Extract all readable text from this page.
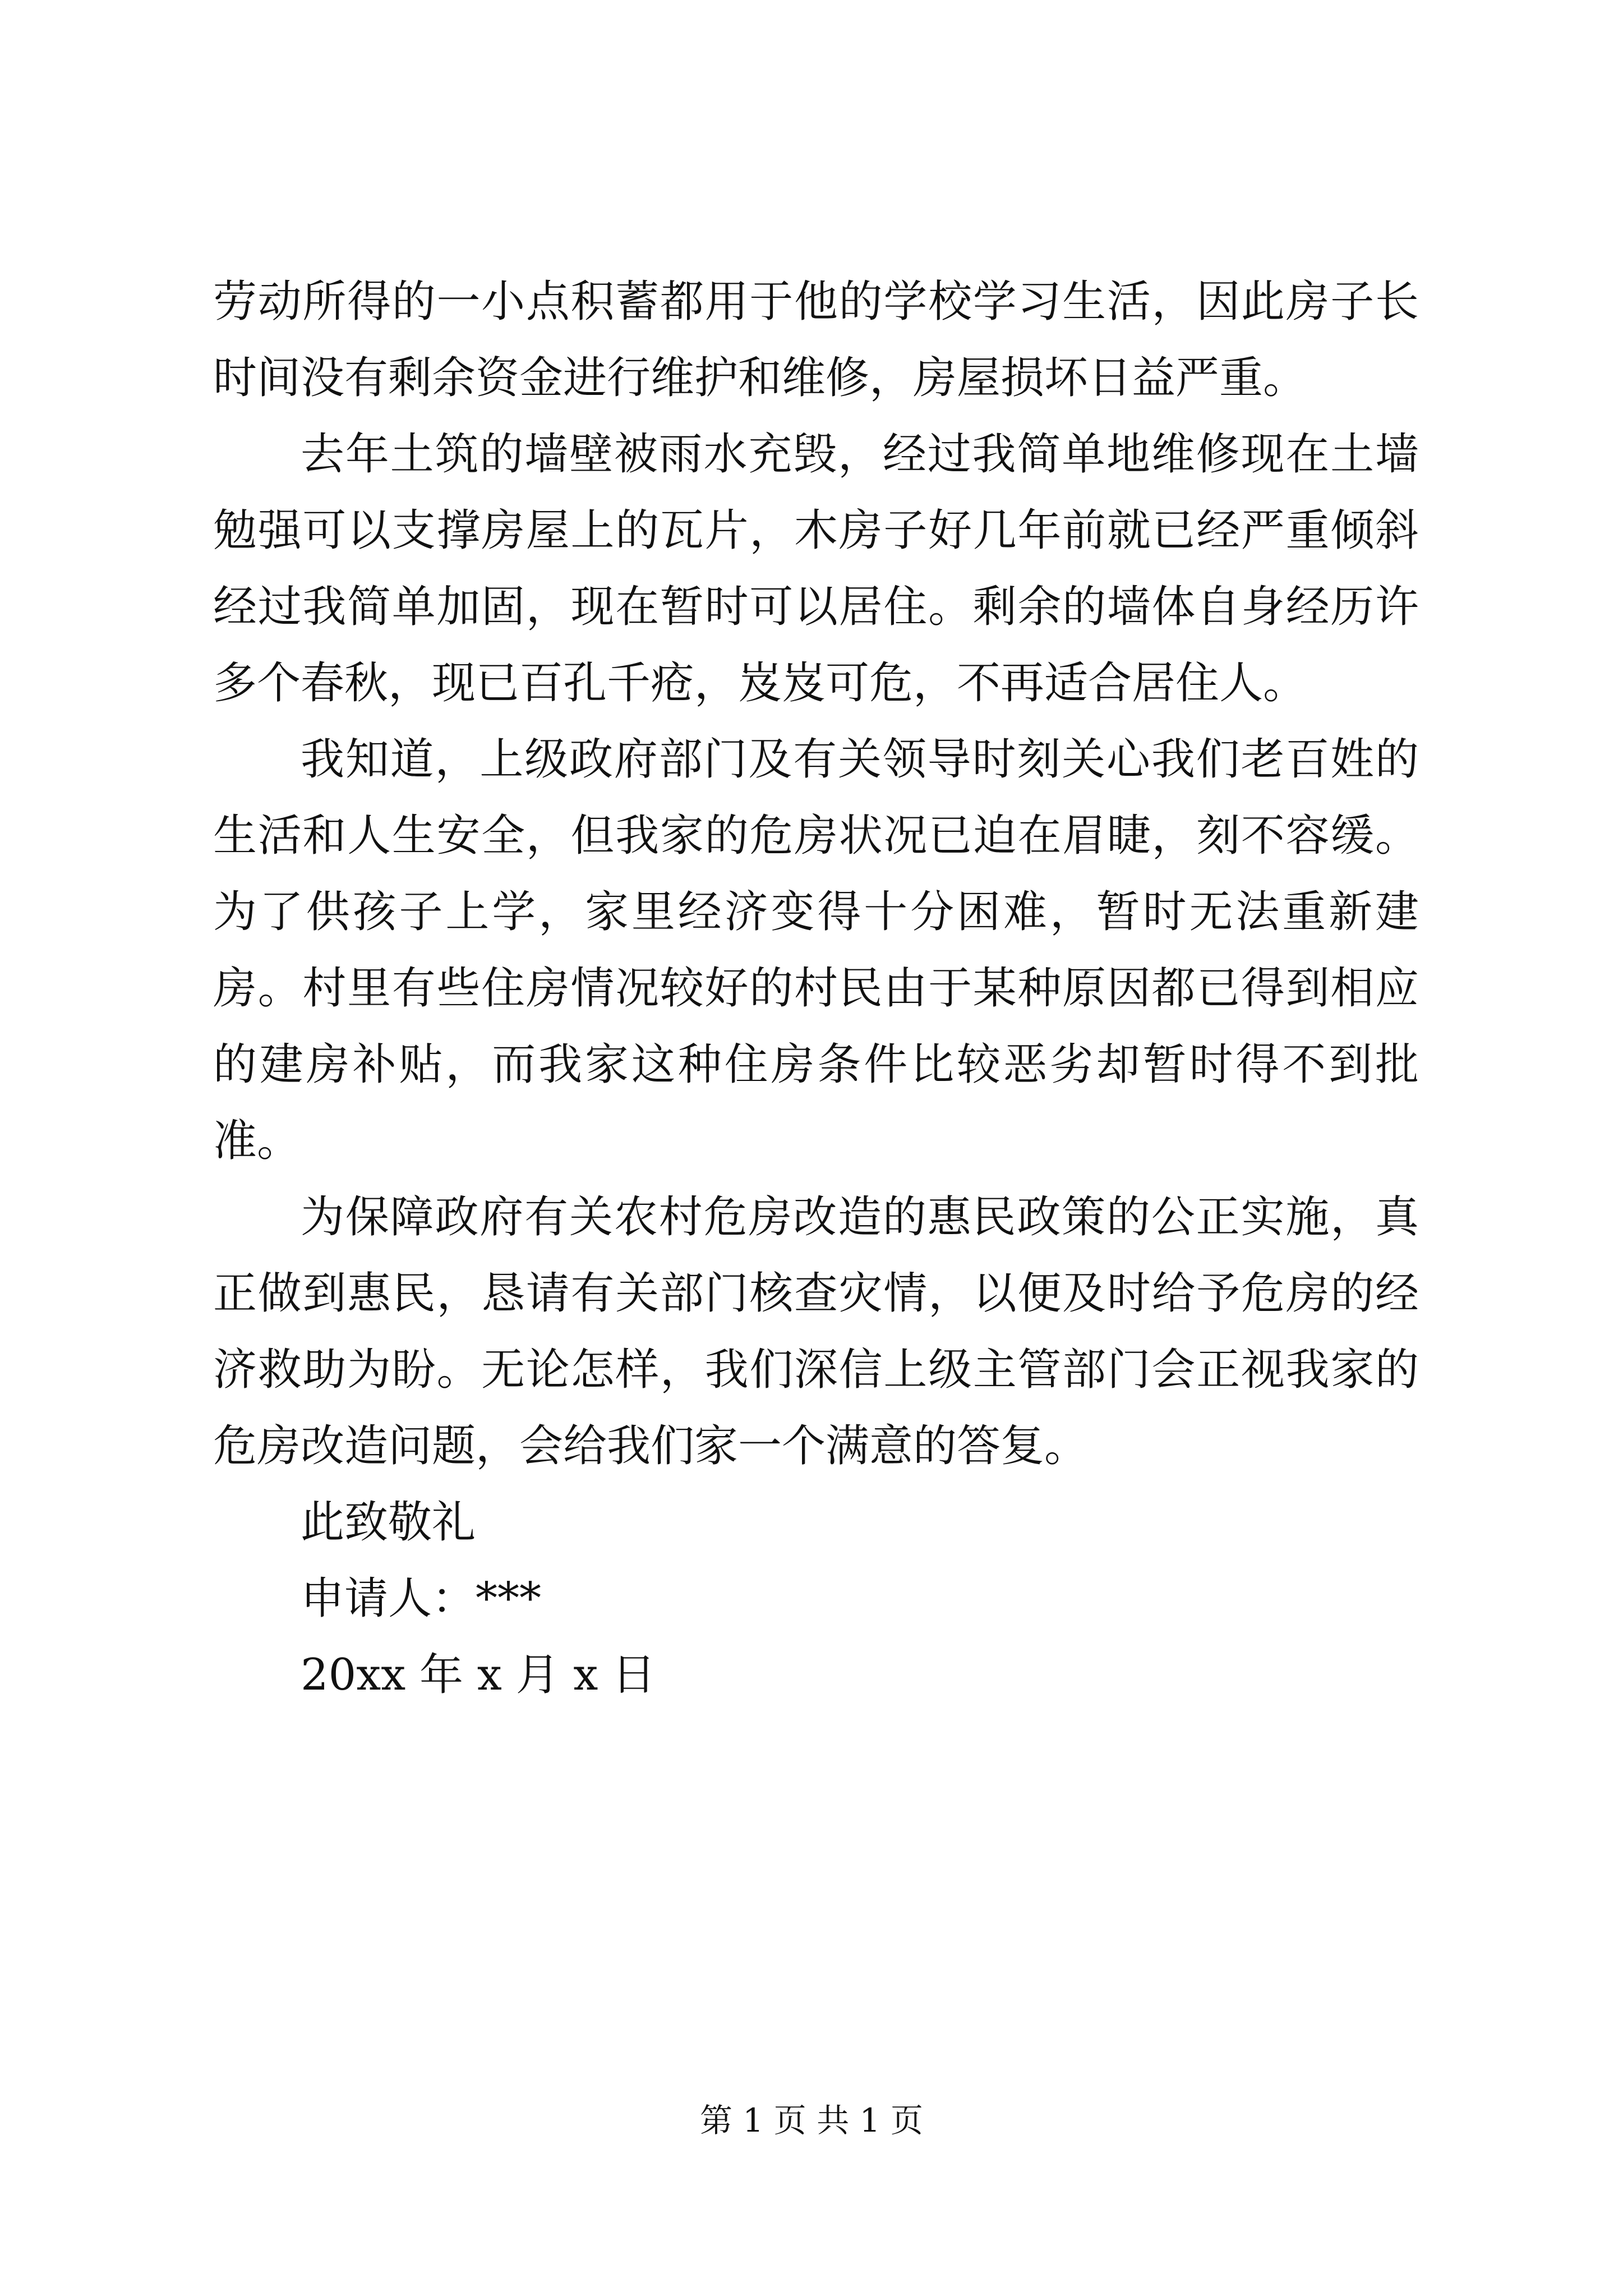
劳动所得的一小点积蓄都用于他的学校学习生活，因此房子长时间没有剩余资金进行维护和维修，房屋损坏日益严重。

去年土筑的墙壁被雨水充毁，经过我简单地维修现在土墙勉强可以支撑房屋上的瓦片，木房子好几年前就已经严重倾斜经过我简单加固，现在暂时可以居住。剩余的墙体自身经历许多个春秋，现已百孔千疮，岌岌可危，不再适合居住人。

我知道，上级政府部门及有关领导时刻关心我们老百姓的生活和人生安全，但我家的危房状况已迫在眉睫，刻不容缓。为了供孩子上学，家里经济变得十分困难，暂时无法重新建房。村里有些住房情况较好的村民由于某种原因都已得到相应的建房补贴，而我家这种住房条件比较恶劣却暂时得不到批准。

为保障政府有关农村危房改造的惠民政策的公正实施，真正做到惠民，恳请有关部门核查灾情，以便及时给予危房的经济救助为盼。无论怎样，我们深信上级主管部门会正视我家的危房改造问题，会给我们家一个满意的答复。

此致敬礼

申请人：***

20xx 年 x 月 x 日

第 1 页 共 1 页
